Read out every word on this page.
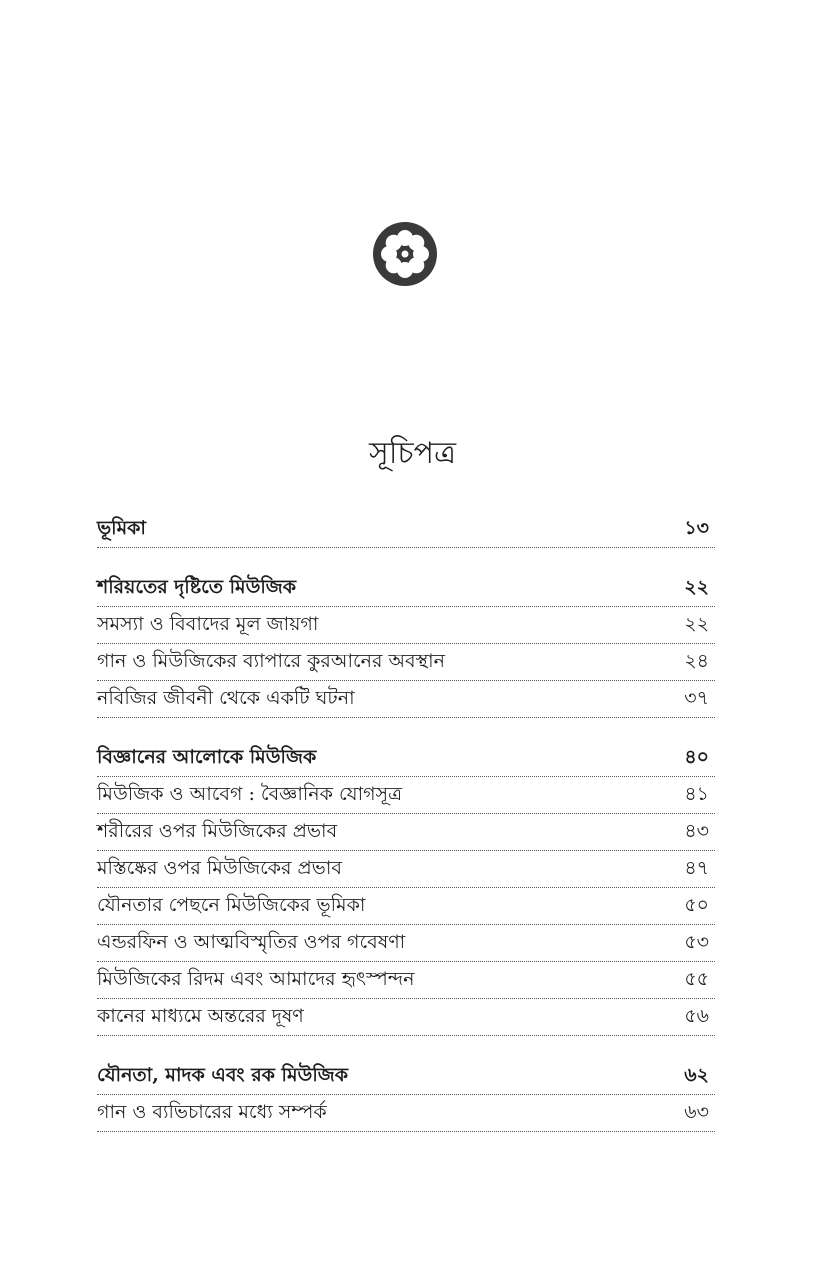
সূচিপত্র
ভূমিকা	১৩
শরিয়তের দৃষ্টিতে মিউজিক	২২
সমস্যা ও বিবাদের মূল জায়গা	২২
গান ও মিউজিকের ব্যাপারে কুরআনের অবস্থান	২৪
নবিজির জীবনী থেকে একটি ঘটনা	৩৭
বিজ্ঞানের আলোকে মিউজিক	৪০
মিউজিক ও আবেগ : বৈজ্ঞানিক যোগসূত্র	৪১
শরীরের ওপর মিউজিকের প্রভাব	৪৩
মস্তিষ্কের ওপর মিউজিকের প্রভাব	৪৭
যৌনতার পেছনে মিউজিকের ভূমিকা	৫০
এন্ডরফিন ও আত্মবিস্মৃতির ওপর গবেষণা	৫৩
মিউজিকের রিদম এবং আমাদের হৃৎস্পন্দন	৫৫
কানের মাধ্যমে অন্তরের দূষণ	৫৬
যৌনতা, মাদক এবং রক মিউজিক	৬২
গান ও ব্যভিচারের মধ্যে সম্পর্ক	৬৩
